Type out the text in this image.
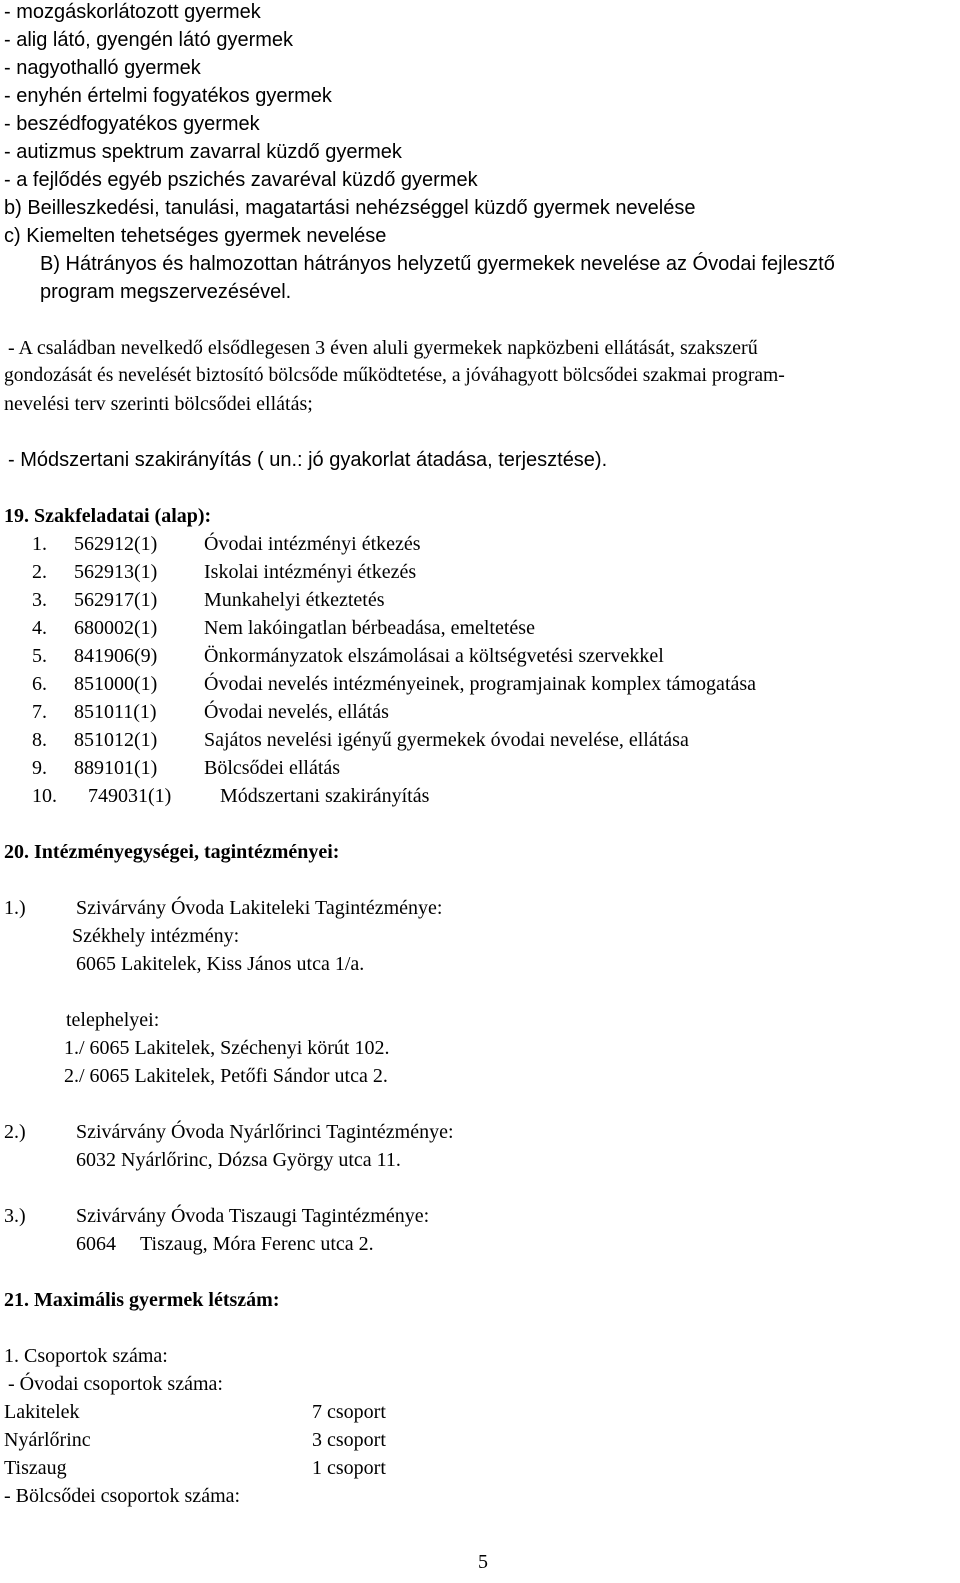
- mozgáskorlátozott gyermek
- alig látó, gyengén látó gyermek
- nagyothalló gyermek
- enyhén értelmi fogyatékos gyermek
- beszédfogyatékos gyermek
- autizmus spektrum zavarral küzdő gyermek
- a fejlődés egyéb pszichés zavaréval küzdő gyermek
b) Beilleszkedési, tanulási, magatartási nehézséggel küzdő gyermek nevelése
c) Kiemelten tehetséges gyermek nevelése
B) Hátrányos és halmozottan hátrányos helyzetű gyermekek nevelése az Óvodai fejlesztő
program megszervezésével.
- A családban nevelkedő elsődlegesen 3 éven aluli gyermekek napközbeni ellátását, szakszerű
gondozását és nevelését biztosító bölcsőde működtetése, a jóváhagyott bölcsődei szakmai program-
nevelési terv szerinti bölcsődei ellátás;
- Módszertani szakirányítás ( un.: jó gyakorlat átadása, terjesztése).
19. Szakfeladatai (alap):
1. 562912(1) Óvodai intézményi étkezés
2. 562913(1) Iskolai intézményi étkezés
3. 562917(1) Munkahelyi étkeztetés
4. 680002(1) Nem lakóingatlan bérbeadása, emeltetése
5. 841906(9) Önkormányzatok elszámolásai a költségvetési szervekkel
6. 851000(1) Óvodai nevelés intézményeinek, programjainak komplex támogatása
7. 851011(1) Óvodai nevelés, ellátás
8. 851012(1) Sajátos nevelési igényű gyermekek óvodai nevelése, ellátása
9. 889101(1) Bölcsődei ellátás
10. 749031(1) Módszertani szakirányítás
20. Intézményegységei, tagintézményei:
1.)	Szivárvány Óvoda Lakiteleki Tagintézménye:
Székhely intézmény:
6065 Lakitelek, Kiss János utca 1/a.
telephelyei:
1./ 6065 Lakitelek, Széchenyi körút 102.
2./ 6065 Lakitelek, Petőfi Sándor utca 2.
2.)	Szivárvány Óvoda Nyárlőrinci Tagintézménye:
6032 Nyárlőrinc, Dózsa György utca 11.
3.)	Szivárvány Óvoda Tiszaugi Tagintézménye:
6064 Tiszaug, Móra Ferenc utca 2.
21. Maximális gyermek létszám:
1. Csoportok száma:
- Óvodai csoportok száma:
Lakitelek	7 csoport
Nyárlőrinc	3 csoport
Tiszaug	1 csoport
- Bölcsődei csoportok száma:
5
